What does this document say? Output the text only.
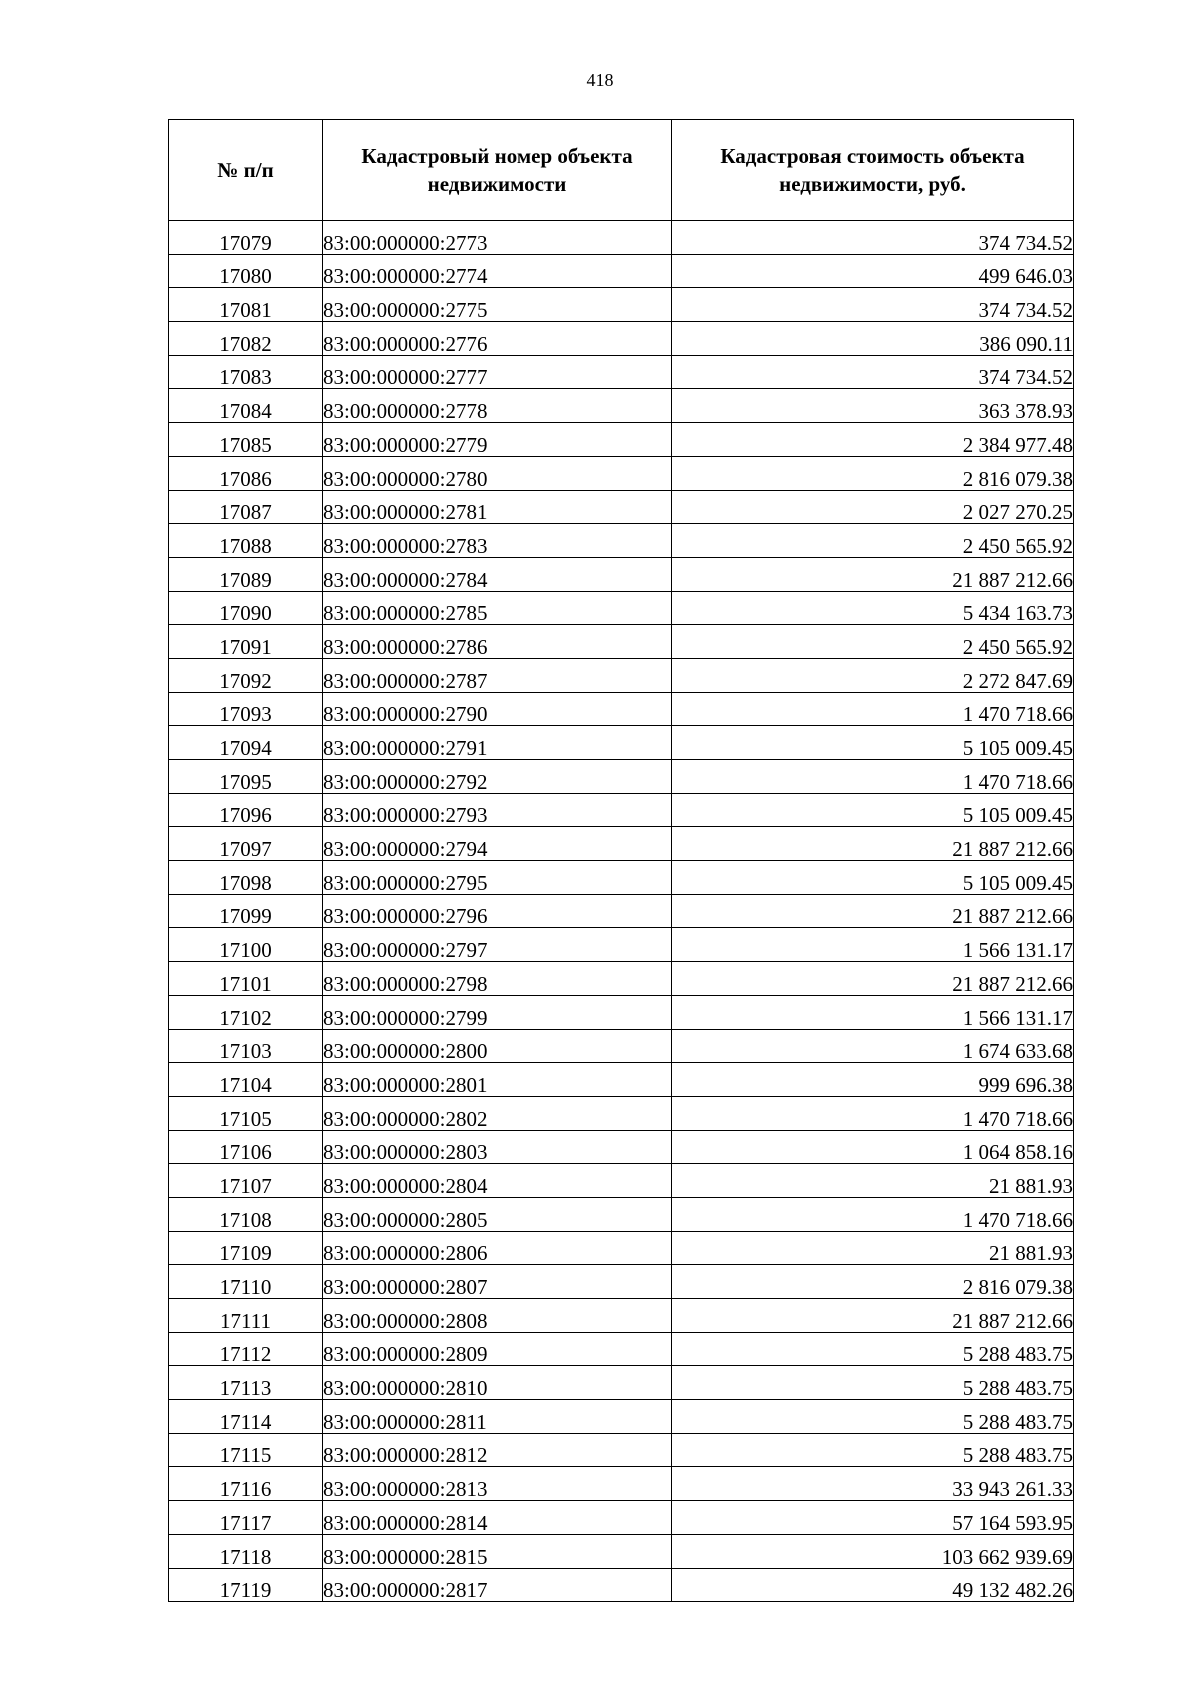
418
№ п/п	Кадастровый номер объекта недвижимости	Кадастровая стоимость объекта недвижимости, руб.
17079	83:00:000000:2773	374 734.52
17080	83:00:000000:2774	499 646.03
17081	83:00:000000:2775	374 734.52
17082	83:00:000000:2776	386 090.11
17083	83:00:000000:2777	374 734.52
17084	83:00:000000:2778	363 378.93
17085	83:00:000000:2779	2 384 977.48
17086	83:00:000000:2780	2 816 079.38
17087	83:00:000000:2781	2 027 270.25
17088	83:00:000000:2783	2 450 565.92
17089	83:00:000000:2784	21 887 212.66
17090	83:00:000000:2785	5 434 163.73
17091	83:00:000000:2786	2 450 565.92
17092	83:00:000000:2787	2 272 847.69
17093	83:00:000000:2790	1 470 718.66
17094	83:00:000000:2791	5 105 009.45
17095	83:00:000000:2792	1 470 718.66
17096	83:00:000000:2793	5 105 009.45
17097	83:00:000000:2794	21 887 212.66
17098	83:00:000000:2795	5 105 009.45
17099	83:00:000000:2796	21 887 212.66
17100	83:00:000000:2797	1 566 131.17
17101	83:00:000000:2798	21 887 212.66
17102	83:00:000000:2799	1 566 131.17
17103	83:00:000000:2800	1 674 633.68
17104	83:00:000000:2801	999 696.38
17105	83:00:000000:2802	1 470 718.66
17106	83:00:000000:2803	1 064 858.16
17107	83:00:000000:2804	21 881.93
17108	83:00:000000:2805	1 470 718.66
17109	83:00:000000:2806	21 881.93
17110	83:00:000000:2807	2 816 079.38
17111	83:00:000000:2808	21 887 212.66
17112	83:00:000000:2809	5 288 483.75
17113	83:00:000000:2810	5 288 483.75
17114	83:00:000000:2811	5 288 483.75
17115	83:00:000000:2812	5 288 483.75
17116	83:00:000000:2813	33 943 261.33
17117	83:00:000000:2814	57 164 593.95
17118	83:00:000000:2815	103 662 939.69
17119	83:00:000000:2817	49 132 482.26
